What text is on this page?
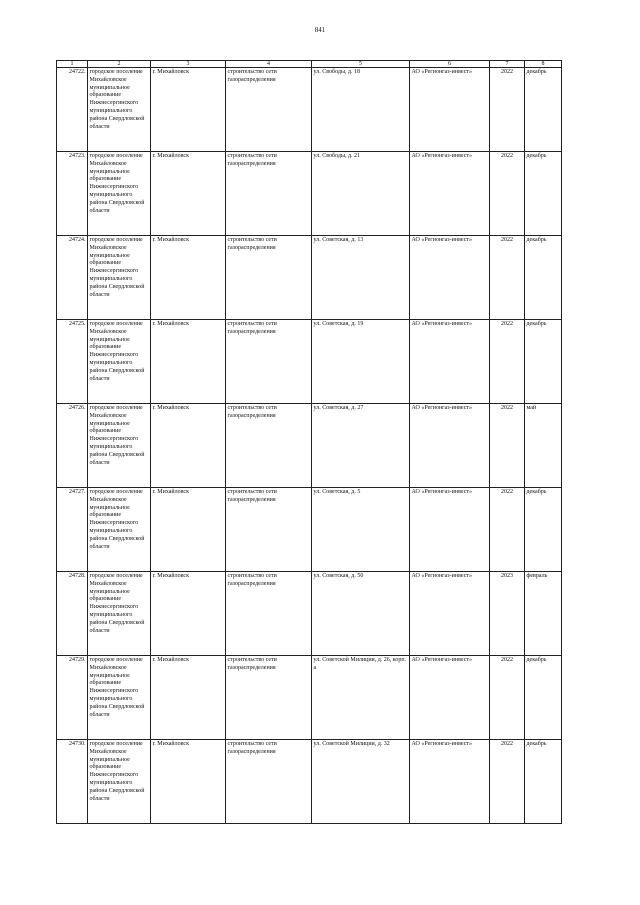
841
1	2	3	4	5	6	7	8
24722.	городское поселение Михайловское муниципальное образование Нижнесергинского муниципального района Свердловской области	г. Михайловск	строительство сети газораспределения	ул. Свободы, д. 18	АО «Регионгаз-инвест»	2022	декабрь
24723.	городское поселение Михайловское муниципальное образование Нижнесергинского муниципального района Свердловской области	г. Михайловск	строительство сети газораспределения	ул. Свободы, д. 21	АО «Регионгаз-инвест»	2022	декабрь
24724.	городское поселение Михайловское муниципальное образование Нижнесергинского муниципального района Свердловской области	г. Михайловск	строительство сети газораспределения	ул. Советская, д. 13	АО «Регионгаз-инвест»	2022	декабрь
24725.	городское поселение Михайловское муниципальное образование Нижнесергинского муниципального района Свердловской области	г. Михайловск	строительство сети газораспределения	ул. Советская, д. 19	АО «Регионгаз-инвест»	2022	декабрь
24726.	городское поселение Михайловское муниципальное образование Нижнесергинского муниципального района Свердловской области	г. Михайловск	строительство сети газораспределения	ул. Советская, д. 27	АО «Регионгаз-инвест»	2022	май
24727.	городское поселение Михайловское муниципальное образование Нижнесергинского муниципального района Свердловской области	г. Михайловск	строительство сети газораспределения	ул. Советская, д. 5	АО «Регионгаз-инвест»	2022	декабрь
24728.	городское поселение Михайловское муниципальное образование Нижнесергинского муниципального района Свердловской области	г. Михайловск	строительство сети газораспределения	ул. Советская, д. 50	АО «Регионгаз-инвест»	2023	февраль
24729.	городское поселение Михайловское муниципальное образование Нижнесергинского муниципального района Свердловской области	г. Михайловск	строительство сети газораспределения	ул. Советской Милиции, д. 26, корп. а	АО «Регионгаз-инвест»	2022	декабрь
24730.	городское поселение Михайловское муниципальное образование Нижнесергинского муниципального района Свердловской области	г. Михайловск	строительство сети газораспределения	ул. Советской Милиции, д. 32	АО «Регионгаз-инвест»	2022	декабрь
